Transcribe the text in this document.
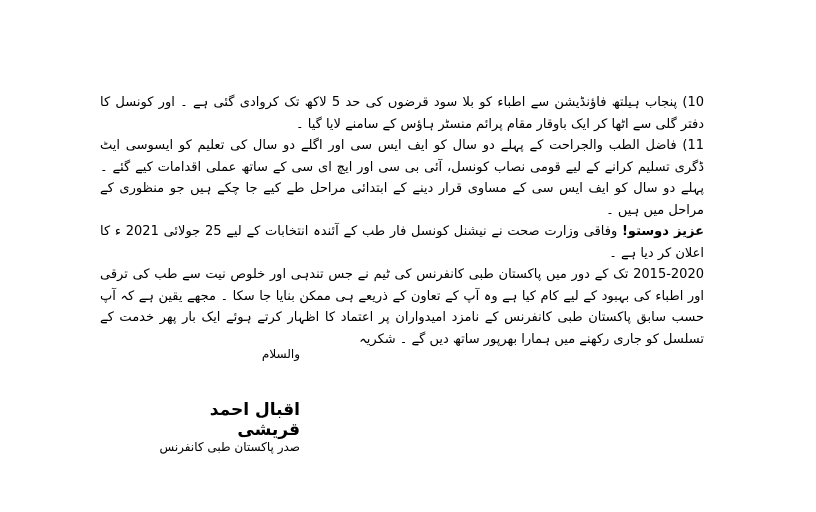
10) پنجاب ہیلتھ فاؤنڈیشن سے اطباء کو بلا سود قرضوں کی حد 5 لاکھ تک کروادی گئی ہے ۔ اور کونسل کا دفتر گلی سے اٹھا کر ایک باوقار مقام پرائم منسٹر ہاؤس کے سامنے لایا گیا ۔

11) فاضل الطب والجراحت کے پہلے دو سال کو ایف ایس سی اور اگلے دو سال کی تعلیم کو ایسوسی ایٹ ڈگری تسلیم کرانے کے لیے قومی نصاب کونسل، آئی بی سی اور ایچ ای سی کے ساتھ عملی اقدامات کیے گئے ۔ پہلے دو سال کو ایف ایس سی کے مساوی قرار دینے کے ابتدائی مراحل طے کیے جا چکے ہیں جو منظوری کے مراحل میں ہیں ۔

عزیز دوستو! وفاقی وزارت صحت نے نیشنل کونسل فار طب کے آئندہ انتخابات کے لیے 25 جولائی 2021 ء کا اعلان کر دیا ہے ۔

2015-2020 تک کے دور میں پاکستان طبی کانفرنس کی ٹیم نے جس تندہی اور خلوص نیت سے طب کی ترقی اور اطباء کی بہبود کے لیے کام کیا ہے وہ آپ کے تعاون کے ذریعے ہی ممکن بنایا جا سکا ۔ مجھے یقین ہے کہ آپ حسب سابق پاکستان طبی کانفرنس کے نامزد امیدواران پر اعتماد کا اظہار کرتے ہوئے ایک بار پھر خدمت کے تسلسل کو جاری رکھنے میں ہمارا بھرپور ساتھ دیں گے ۔ شکریہ

والسلام
اقبال احمد قریشی
صدر پاکستان طبی کانفرنس
